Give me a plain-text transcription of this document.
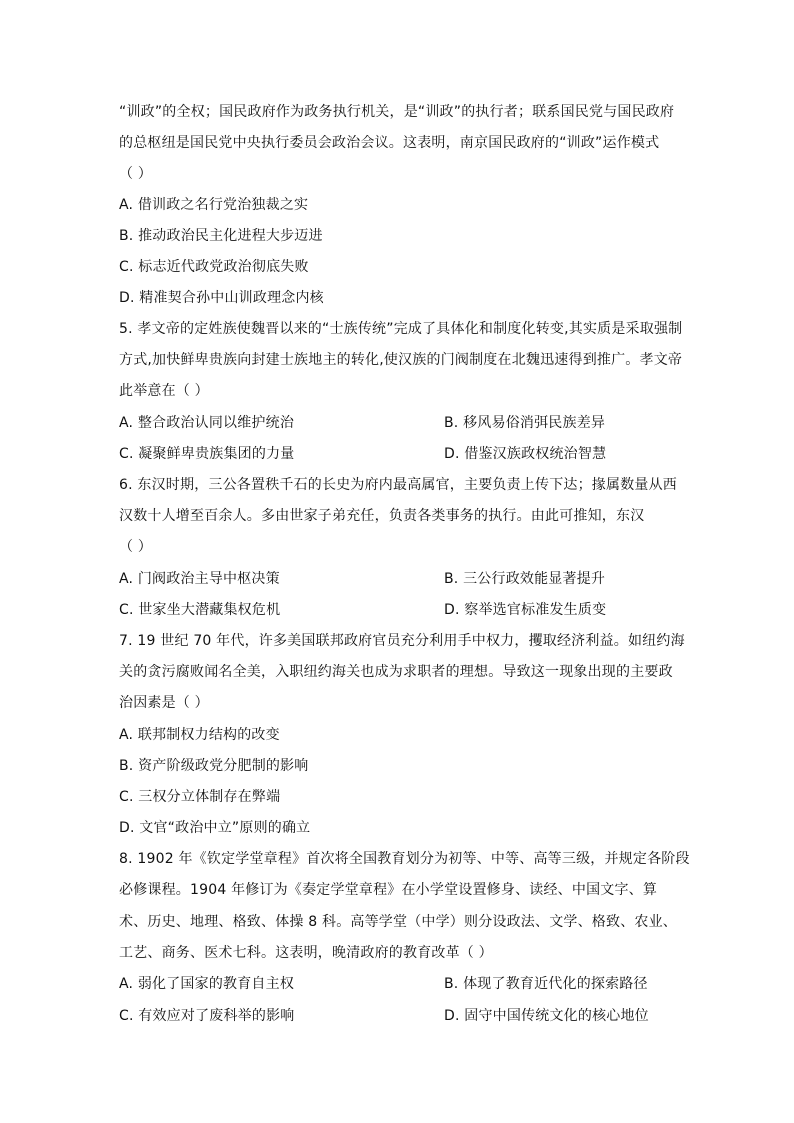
“训政”的全权；国民政府作为政务执行机关，是“训政”的执行者；联系国民党与国民政府
的总枢纽是国民党中央执行委员会政治会议。这表明，南京国民政府的“训政”运作模式
（ ）
A. 借训政之名行党治独裁之实
B. 推动政治民主化进程大步迈进
C. 标志近代政党政治彻底失败
D. 精准契合孙中山训政理念内核
5. 孝文帝的定姓族使魏晋以来的“士族传统”完成了具体化和制度化转变,其实质是采取强制
方式,加快鲜卑贵族向封建士族地主的转化,使汉族的门阀制度在北魏迅速得到推广。孝文帝
此举意在（ ）
A. 整合政治认同以维护统治	B. 移风易俗消弭民族差异
C. 凝聚鲜卑贵族集团的力量	D. 借鉴汉族政权统治智慧
6. 东汉时期，三公各置秩千石的长史为府内最高属官，主要负责上传下达；掾属数量从西
汉数十人增至百余人。多由世家子弟充任，负责各类事务的执行。由此可推知，东汉
（ ）
A. 门阀政治主导中枢决策	B. 三公行政效能显著提升
C. 世家坐大潜藏集权危机	D. 察举选官标准发生质变
7. 19 世纪 70 年代，许多美国联邦政府官员充分利用手中权力，攫取经济利益。如纽约海
关的贪污腐败闻名全美，入职纽约海关也成为求职者的理想。导致这一现象出现的主要政
治因素是（ ）
A. 联邦制权力结构的改变
B. 资产阶级政党分肥制的影响
C. 三权分立体制存在弊端
D. 文官“政治中立”原则的确立
8. 1902 年《钦定学堂章程》首次将全国教育划分为初等、中等、高等三级，并规定各阶段
必修课程。1904 年修订为《奏定学堂章程》在小学堂设置修身、读经、中国文字、算
术、历史、地理、格致、体操 8 科。高等学堂（中学）则分设政法、文学、格致、农业、
工艺、商务、医术七科。这表明，晚清政府的教育改革（ ）
A. 弱化了国家的教育自主权	B. 体现了教育近代化的探索路径
C. 有效应对了废科举的影响	D. 固守中国传统文化的核心地位
